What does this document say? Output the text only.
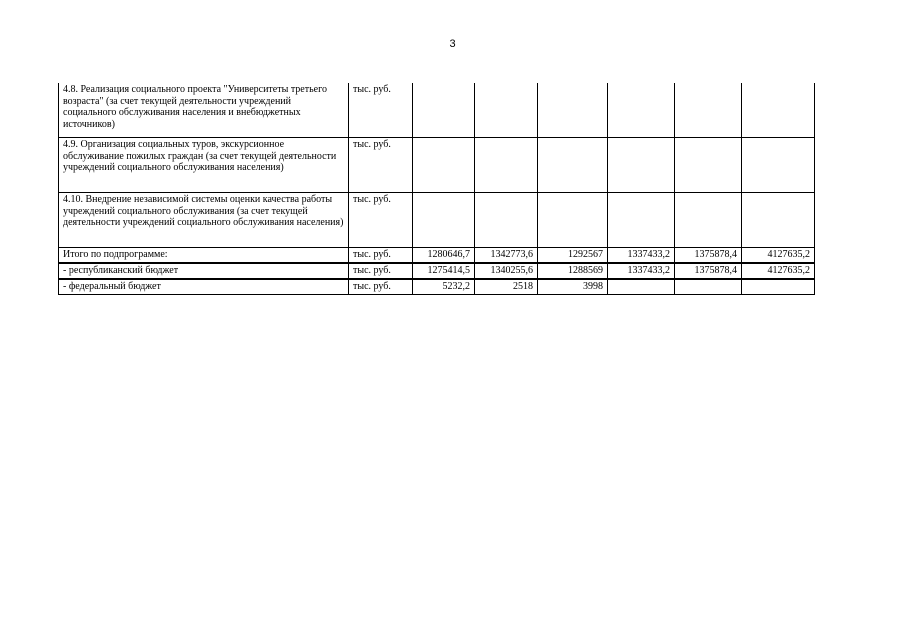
3
4.8. Реализация социального проекта "Университеты третьего возраста" (за счет текущей деятельности учреждений социального обслуживания населения и внебюджетных источников)	тыс. руб.						
4.9. Организация социальных туров, экскурсионное обслуживание пожилых граждан (за счет текущей деятельности учреждений социального обслуживания населения)	тыс. руб.						
4.10. Внедрение независимой системы оценки качества работы учреждений социального обслуживания (за счет текущей деятельности учреждений социального обслуживания населения)	тыс. руб.						
Итого по подпрограмме:	тыс. руб.	1280646,7	1342773,6	1292567	1337433,2	1375878,4	4127635,2

- республиканский бюджет	тыс. руб.	1275414,5	1340255,6	1288569	1337433,2	1375878,4	4127635,2

- федеральный бюджет	тыс. руб.	5232,2	2518	3998			
